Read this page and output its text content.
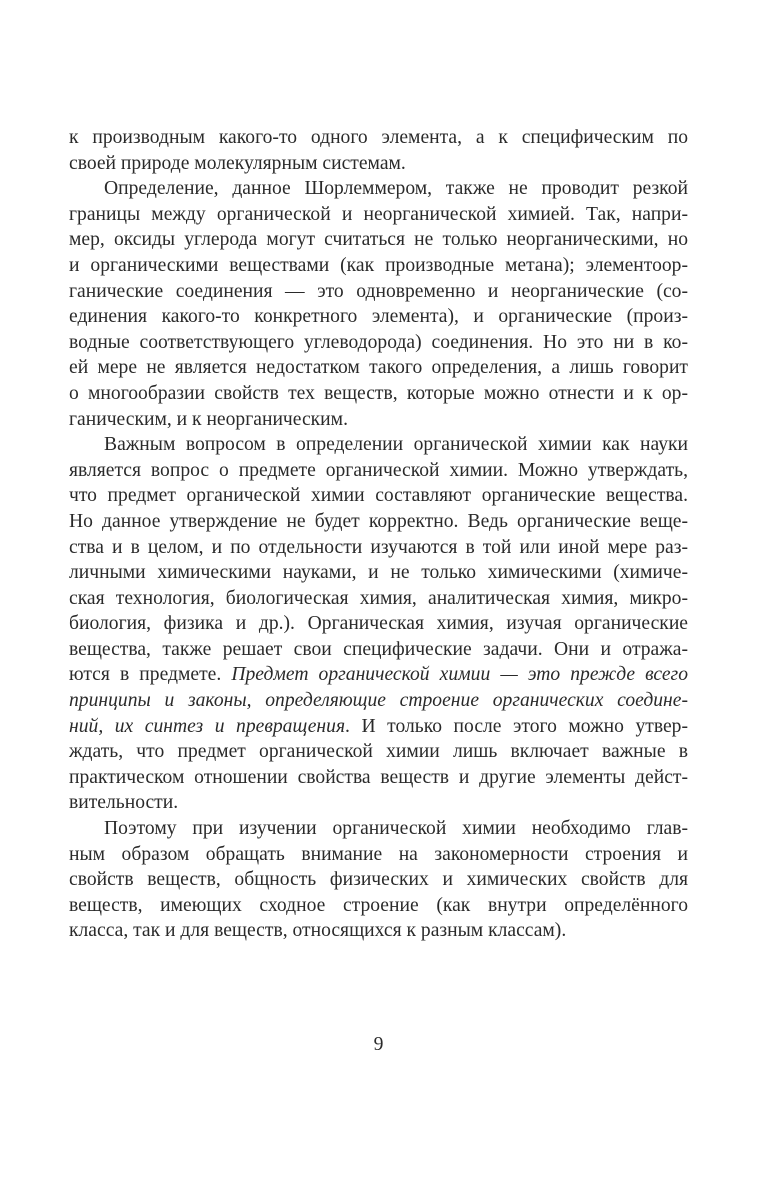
к производным какого-то одного элемента, а к специфическим по
своей природе молекулярным системам.
Определение, данное Шорлеммером, также не проводит резкой
границы между органической и неорганической химией. Так, напри-
мер, оксиды углерода могут считаться не только неорганическими, но
и органическими веществами (как производные метана); элементоор-
ганические соединения — это одновременно и неорганические (со-
единения какого-то конкретного элемента), и органические (произ-
водные соответствующего углеводорода) соединения. Но это ни в ко-
ей мере не является недостатком такого определения, а лишь говорит
о многообразии свойств тех веществ, которые можно отнести и к ор-
ганическим, и к неорганическим.
Важным вопросом в определении органической химии как науки
является вопрос о предмете органической химии. Можно утверждать,
что предмет органической химии составляют органические вещества.
Но данное утверждение не будет корректно. Ведь органические веще-
ства и в целом, и по отдельности изучаются в той или иной мере раз-
личными химическими науками, и не только химическими (химиче-
ская технология, биологическая химия, аналитическая химия, микро-
биология, физика и др.). Органическая химия, изучая органические
вещества, также решает свои специфические задачи. Они и отража-
ются в предмете. Предмет органической химии — это прежде всего
принципы и законы, определяющие строение органических соедине-
ний, их синтез и превращения. И только после этого можно утвер-
ждать, что предмет органической химии лишь включает важные в
практическом отношении свойства веществ и другие элементы дейст-
вительности.
Поэтому при изучении органической химии необходимо глав-
ным образом обращать внимание на закономерности строения и
свойств веществ, общность физических и химических свойств для
веществ, имеющих сходное строение (как внутри определённого
класса, так и для веществ, относящихся к разным классам).
9
